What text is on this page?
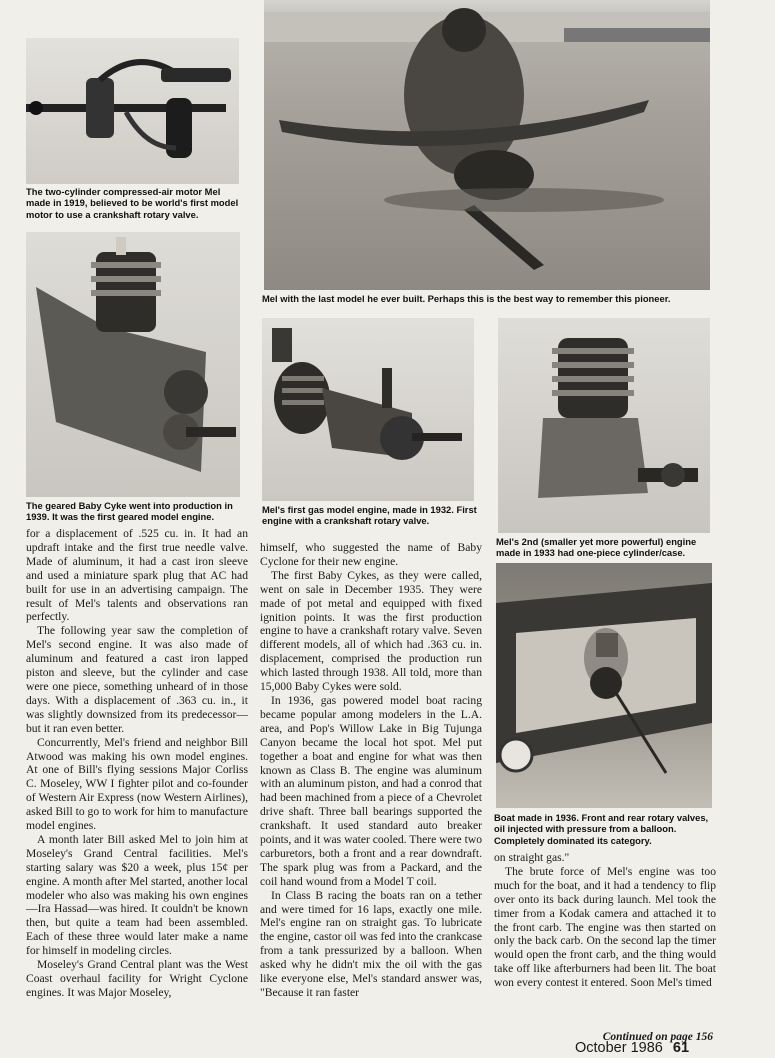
The two-cylinder compressed-air motor Mel made in 1919, believed to be world's first model motor to use a crankshaft rotary valve.

Mel with the last model he ever built. Perhaps this is the best way to remember this pioneer.

The geared Baby Cyke went into production in 1939. It was the first geared model engine.

Mel's first gas model engine, made in 1932. First engine with a crankshaft rotary valve.

Mel's 2nd (smaller yet more powerful) engine made in 1933 had one-piece cylinder/case.

Boat made in 1936. Front and rear rotary valves, oil injected with pressure from a balloon. Completely dominated its category.

for a displacement of .525 cu. in. It had an updraft intake and the first true needle valve. Made of aluminum, it had a cast iron sleeve and used a miniature spark plug that AC had built for use in an advertising campaign. The result of Mel's talents and observations ran perfectly.

The following year saw the completion of Mel's second engine. It was also made of aluminum and featured a cast iron lapped piston and sleeve, but the cylinder and case were one piece, something unheard of in those days. With a displacement of .363 cu. in., it was slightly downsized from its predecessor—but it ran even better.

Concurrently, Mel's friend and neighbor Bill Atwood was making his own model engines. At one of Bill's flying sessions Major Corliss C. Moseley, WW I fighter pilot and co-founder of Western Air Express (now Western Airlines), asked Bill to go to work for him to manufacture model engines.

A month later Bill asked Mel to join him at Moseley's Grand Central facilities. Mel's starting salary was $20 a week, plus 15¢ per engine. A month after Mel started, another local modeler who also was making his own engines—Ira Hassad—was hired. It couldn't be known then, but quite a team had been assembled. Each of these three would later make a name for himself in modeling circles.

Moseley's Grand Central plant was the West Coast overhaul facility for Wright Cyclone engines. It was Major Moseley,

himself, who suggested the name of Baby Cyclone for their new engine.

The first Baby Cykes, as they were called, went on sale in December 1935. They were made of pot metal and equipped with fixed ignition points. It was the first production engine to have a crankshaft rotary valve. Seven different models, all of which had .363 cu. in. displacement, comprised the production run which lasted through 1938. All told, more than 15,000 Baby Cykes were sold.

In 1936, gas powered model boat racing became popular among modelers in the L.A. area, and Pop's Willow Lake in Big Tujunga Canyon became the local hot spot. Mel put together a boat and engine for what was then known as Class B. The engine was aluminum with an aluminum piston, and had a conrod that had been machined from a piece of a Chevrolet drive shaft. Three ball bearings supported the crankshaft. It used standard auto breaker points, and it was water cooled. There were two carburetors, both a front and a rear downdraft. The spark plug was from a Packard, and the coil hand wound from a Model T coil.

In Class B racing the boats ran on a tether and were timed for 16 laps, exactly one mile. Mel's engine ran on straight gas. To lubricate the engine, castor oil was fed into the crankcase from a tank pressurized by a balloon. When asked why he didn't mix the oil with the gas like everyone else, Mel's standard answer was, "Because it ran faster

on straight gas."

The brute force of Mel's engine was too much for the boat, and it had a tendency to flip over onto its back during launch. Mel took the timer from a Kodak camera and attached it to the front carb. The engine was then started on only the back carb. On the second lap the timer would open the front carb, and the thing would take off like afterburners had been lit. The boat won every contest it entered. Soon Mel's timed

Continued on page 156
October 1986 61
